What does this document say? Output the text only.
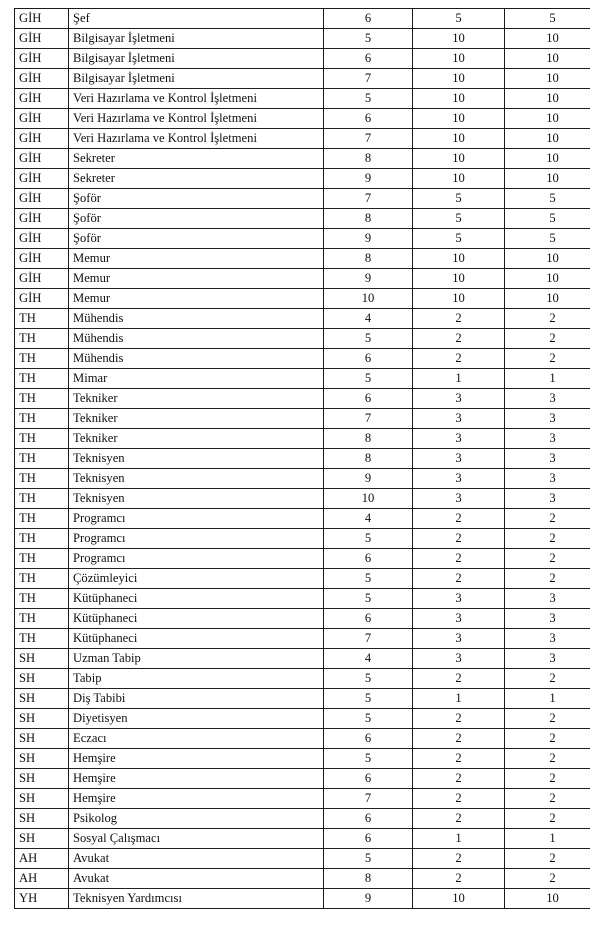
GİH	Şef	6	5	5
GİH	Bilgisayar İşletmeni	5	10	10
GİH	Bilgisayar İşletmeni	6	10	10
GİH	Bilgisayar İşletmeni	7	10	10
GİH	Veri Hazırlama ve Kontrol İşletmeni	5	10	10
GİH	Veri Hazırlama ve Kontrol İşletmeni	6	10	10
GİH	Veri Hazırlama ve Kontrol İşletmeni	7	10	10
GİH	Sekreter	8	10	10
GİH	Sekreter	9	10	10
GİH	Şoför	7	5	5
GİH	Şoför	8	5	5
GİH	Şoför	9	5	5
GİH	Memur	8	10	10
GİH	Memur	9	10	10
GİH	Memur	10	10	10
TH	Mühendis	4	2	2
TH	Mühendis	5	2	2
TH	Mühendis	6	2	2
TH	Mimar	5	1	1
TH	Tekniker	6	3	3
TH	Tekniker	7	3	3
TH	Tekniker	8	3	3
TH	Teknisyen	8	3	3
TH	Teknisyen	9	3	3
TH	Teknisyen	10	3	3
TH	Programcı	4	2	2
TH	Programcı	5	2	2
TH	Programcı	6	2	2
TH	Çözümleyici	5	2	2
TH	Kütüphaneci	5	3	3
TH	Kütüphaneci	6	3	3
TH	Kütüphaneci	7	3	3
SH	Uzman Tabip	4	3	3
SH	Tabip	5	2	2
SH	Diş Tabibi	5	1	1
SH	Diyetisyen	5	2	2
SH	Eczacı	6	2	2
SH	Hemşire	5	2	2
SH	Hemşire	6	2	2
SH	Hemşire	7	2	2
SH	Psikolog	6	2	2
SH	Sosyal Çalışmacı	6	1	1
AH	Avukat	5	2	2
AH	Avukat	8	2	2
YH	Teknisyen Yardımcısı	9	10	10
